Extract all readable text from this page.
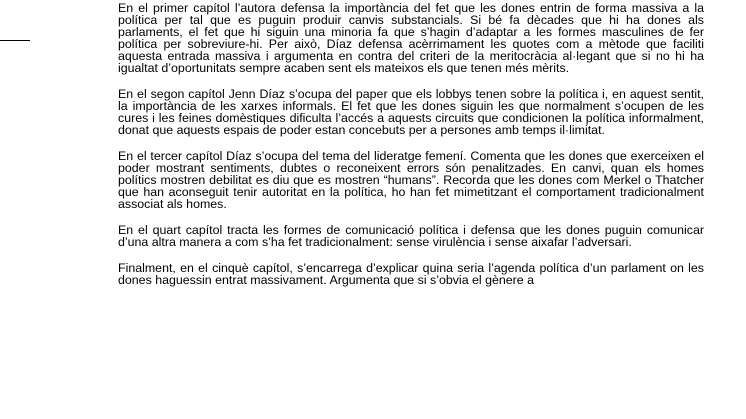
En el primer capítol l’autora defensa la importància del fet que les dones entrin de forma massiva a la política per tal que es puguin produir canvis substancials. Si bé fa dècades que hi ha dones als parlaments, el fet que hi siguin una minoria fa que s’hagin d’adaptar a les formes masculines de fer política per sobreviure-hi. Per això, Díaz defensa acèrrimament les quotes com a mètode que faciliti aquesta entrada massiva i argumenta en contra del criteri de la meritocràcia al·legant que si no hi ha igualtat d’oportunitats sempre acaben sent els mateixos els que tenen més mèrits.

En el segon capítol Jenn Díaz s’ocupa del paper que els lobbys tenen sobre la política i, en aquest sentit, la importància de les xarxes informals. El fet que les dones siguin les que normalment s’ocupen de les cures i les feines domèstiques dificulta l’accés a aquests circuits que condicionen la política informalment, donat que aquests espais de poder estan concebuts per a persones amb temps il·limitat.

En el tercer capítol Díaz s’ocupa del tema del lideratge femení. Comenta que les dones que exerceixen el poder mostrant sentiments, dubtes o reconeixent errors són penalitzades. En canvi, quan els homes polítics mostren debilitat es diu que es mostren “humans”. Recorda que les dones com Merkel o Thatcher que han aconseguit tenir autoritat en la política, ho han fet mimetitzant el comportament tradicionalment associat als homes.

En el quart capítol tracta les formes de comunicació política i defensa que les dones puguin comunicar d’una altra manera a com s’ha fet tradicionalment: sense virulència i sense aixafar l’adversari.

Finalment, en el cinquè capítol, s’encarrega d’explicar quina seria l’agenda política d’un parlament on les dones haguessin entrat massivament. Argumenta que si s’obvia el gènere a
